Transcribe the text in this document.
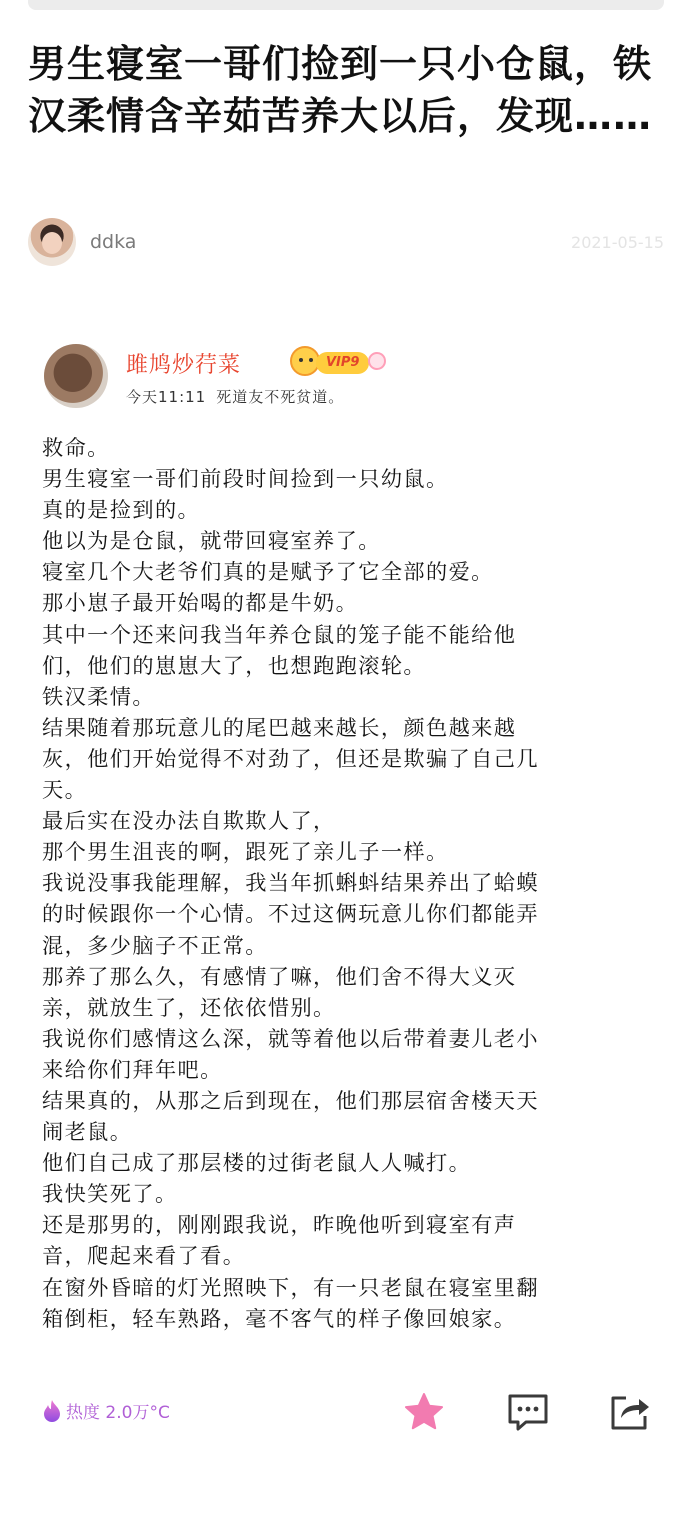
男生寝室一哥们捡到一只小仓鼠，铁汉柔情含辛茹苦养大以后，发现……
ddka	2021-05-15
雎鸠炒荇菜	VIP9
今天11:11 死道友不死贫道。
救命。
男生寝室一哥们前段时间捡到一只幼鼠。
真的是捡到的。
他以为是仓鼠，就带回寝室养了。
寝室几个大老爷们真的是赋予了它全部的爱。
那小崽子最开始喝的都是牛奶。
其中一个还来问我当年养仓鼠的笼子能不能给他
们，他们的崽崽大了，也想跑跑滚轮。
铁汉柔情。
结果随着那玩意儿的尾巴越来越长，颜色越来越
灰，他们开始觉得不对劲了，但还是欺骗了自己几
天。
最后实在没办法自欺欺人了，
那个男生沮丧的啊，跟死了亲儿子一样。
我说没事我能理解，我当年抓蝌蚪结果养出了蛤蟆
的时候跟你一个心情。不过这俩玩意儿你们都能弄
混，多少脑子不正常。
那养了那么久，有感情了嘛，他们舍不得大义灭
亲，就放生了，还依依惜别。
我说你们感情这么深，就等着他以后带着妻儿老小
来给你们拜年吧。
结果真的，从那之后到现在，他们那层宿舍楼天天
闹老鼠。
他们自己成了那层楼的过街老鼠人人喊打。
我快笑死了。
还是那男的，刚刚跟我说，昨晚他听到寝室有声
音，爬起来看了看。
在窗外昏暗的灯光照映下，有一只老鼠在寝室里翻
箱倒柜，轻车熟路，毫不客气的样子像回娘家。
热度 2.0万°C
